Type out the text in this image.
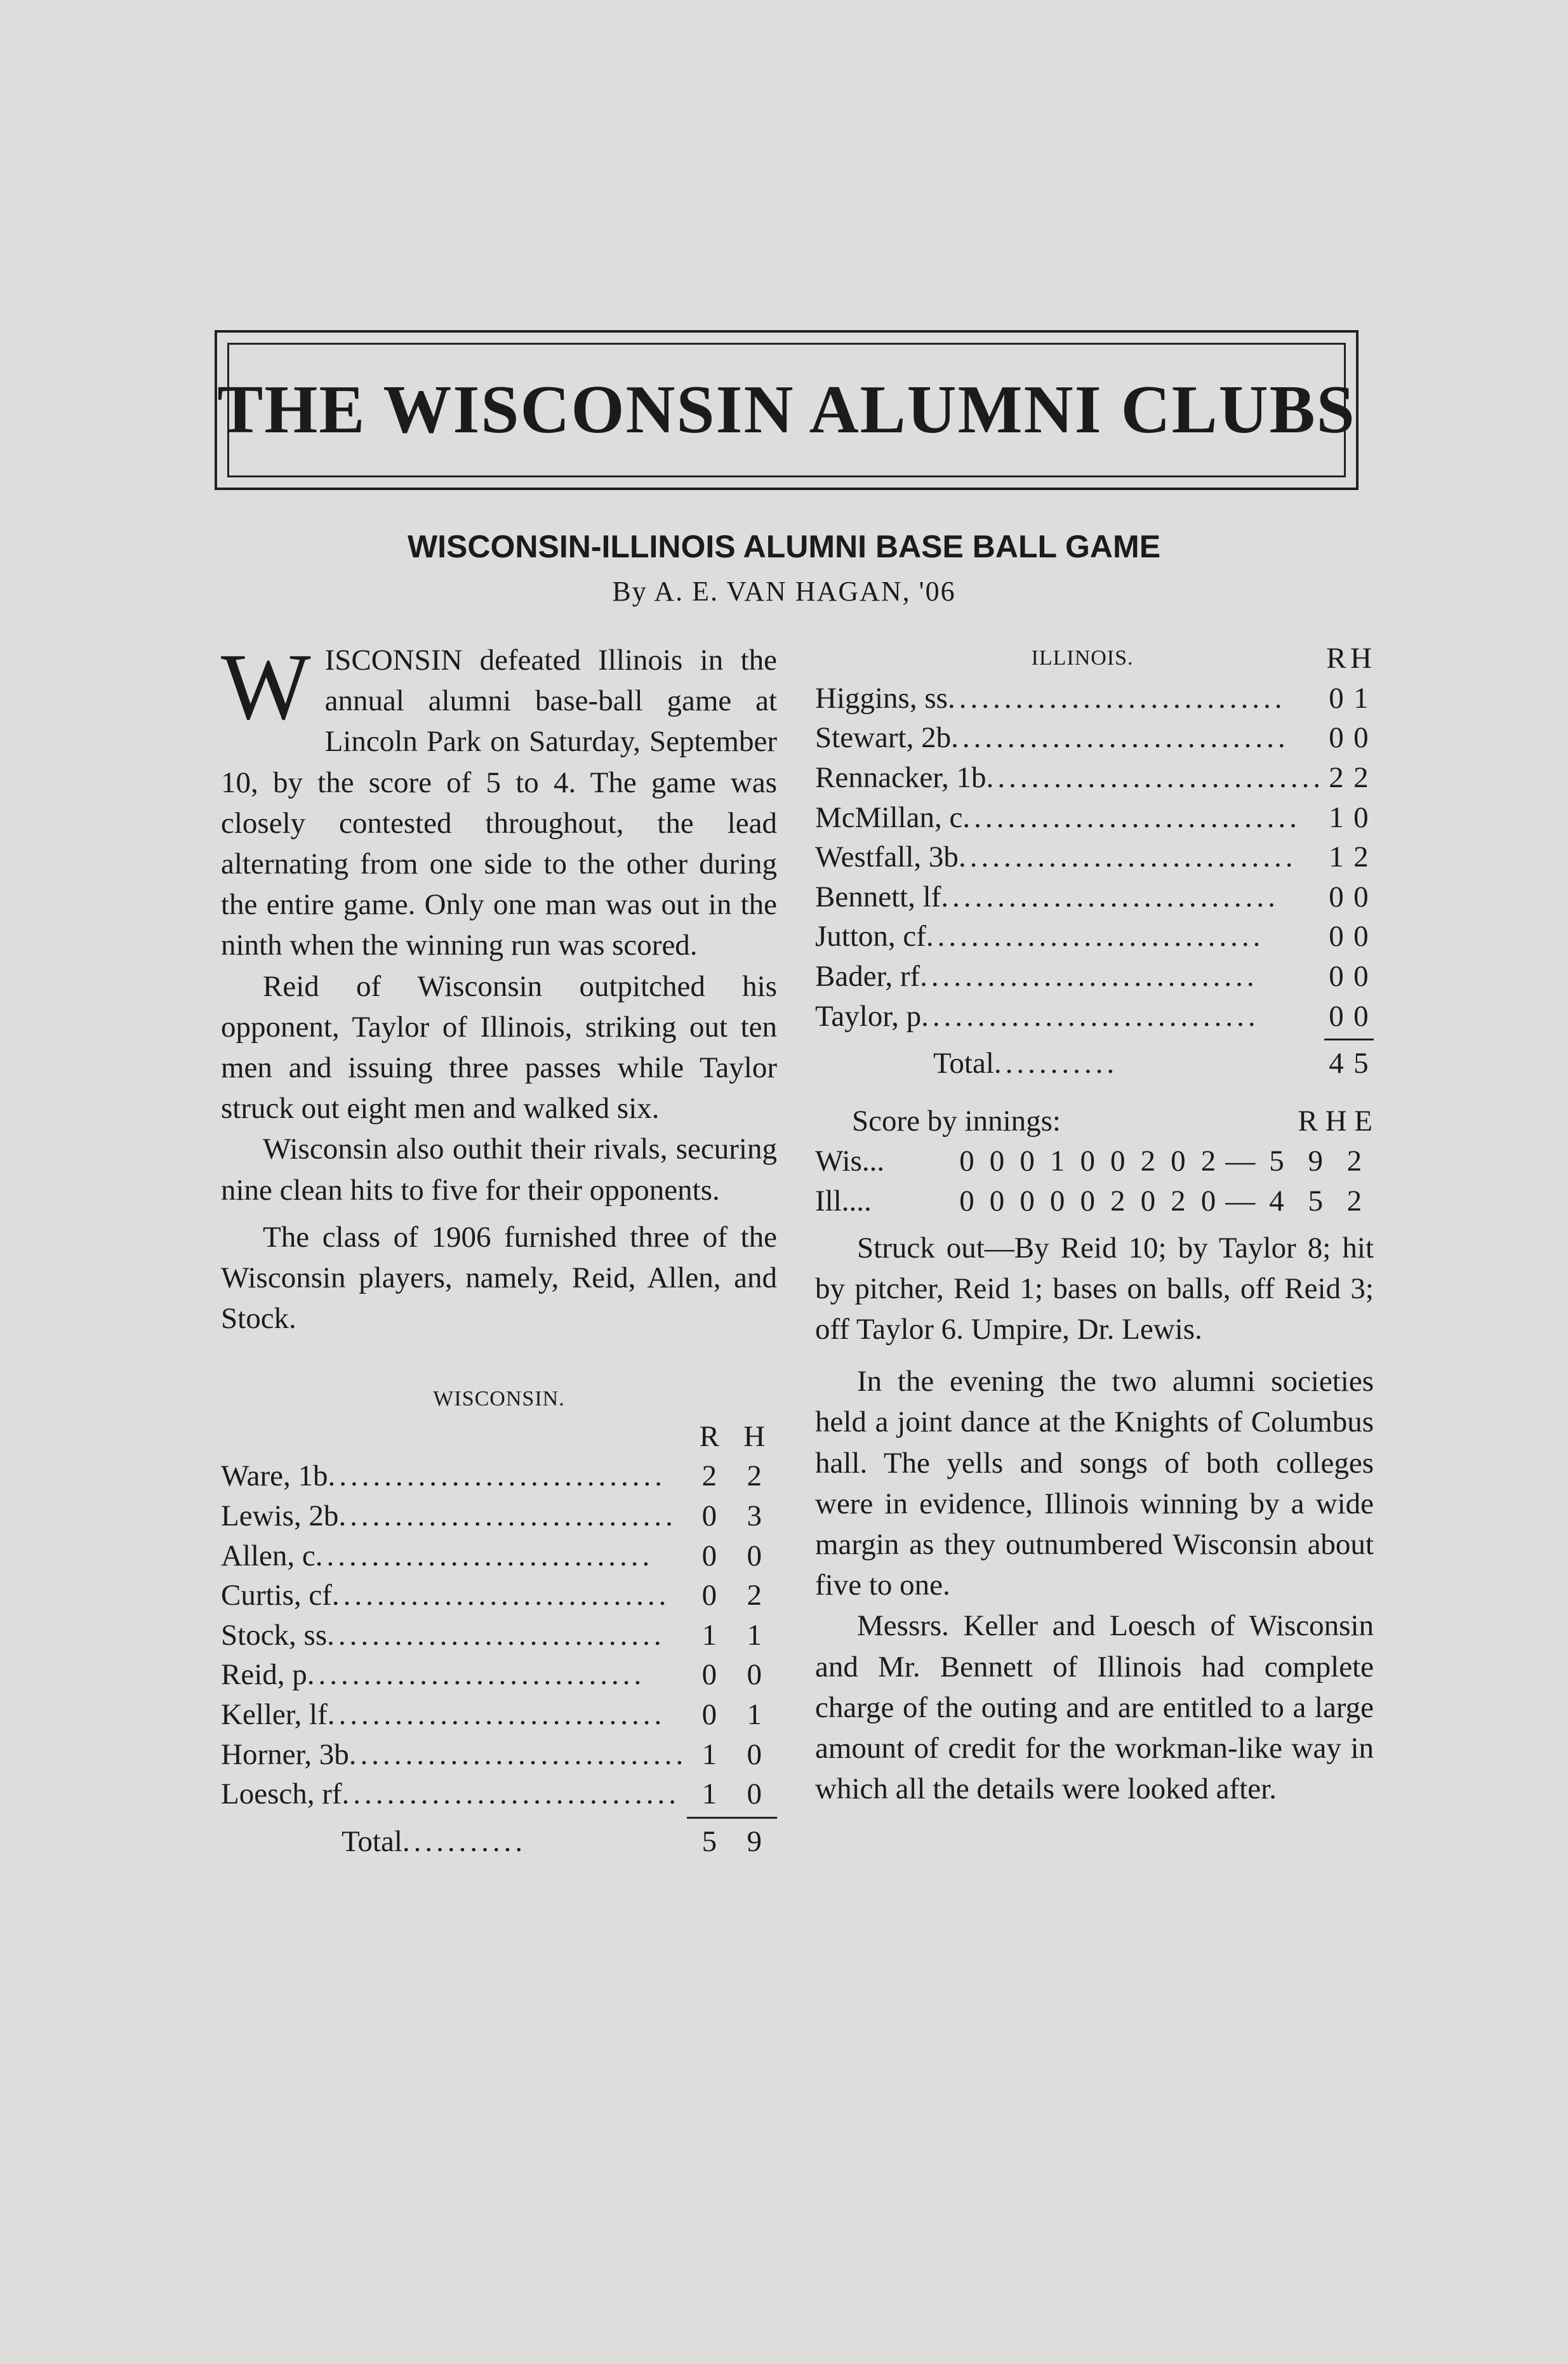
THE WISCONSIN ALUMNI CLUBS
WISCONSIN-ILLINOIS ALUMNI BASE BALL GAME
By A. E. VAN HAGAN, '06

WISCONSIN defeated Illinois in the annual alumni base-ball game at Lincoln Park on Saturday, September 10, by the score of 5 to 4. The game was closely contested throughout, the lead alternating from one side to the other during the entire game. Only one man was out in the ninth when the winning run was scored.

Reid of Wisconsin outpitched his opponent, Taylor of Illinois, striking out ten men and issuing three passes while Taylor struck out eight men and walked six.

Wisconsin also outhit their rivals, securing nine clean hits to five for their opponents.

The class of 1906 furnished three of the Wisconsin players, namely, Reid, Allen, and Stock.

WISCONSIN.
	R	H
Ware, 1b..............................	2	2
Lewis, 2b..............................	0	3
Allen, c..............................	0	0
Curtis, cf..............................	0	2
Stock, ss..............................	1	1
Reid, p..............................	0	0
Keller, lf..............................	0	1
Horner, 3b..............................	1	0
Loesch, rf..............................	1	0

Total...........	5	9
ILLINOIS.	R	H
Higgins, ss..............................	0	1
Stewart, 2b..............................	0	0
Rennacker, 1b..............................	2	2
McMillan, c..............................	1	0
Westfall, 3b..............................	1	2
Bennett, lf..............................	0	0
Jutton, cf..............................	0	0
Bader, rf..............................	0	0
Taylor, p..............................	0	0

Total...........	4	5
Score by innings:										R H E			
Wis...	0	0	0	1	0	0	2	0	2	—	5	9	2
Ill....	0	0	0	0	0	2	0	2	0	—	4	5	2

Struck out—By Reid 10; by Taylor 8; hit by pitcher, Reid 1; bases on balls, off Reid 3; off Taylor 6. Umpire, Dr. Lewis.

In the evening the two alumni societies held a joint dance at the Knights of Columbus hall. The yells and songs of both colleges were in evidence, Illinois winning by a wide margin as they outnumbered Wisconsin about five to one.

Messrs. Keller and Loesch of Wisconsin and Mr. Bennett of Illinois had complete charge of the outing and are entitled to a large amount of credit for the workman-like way in which all the details were looked after.
